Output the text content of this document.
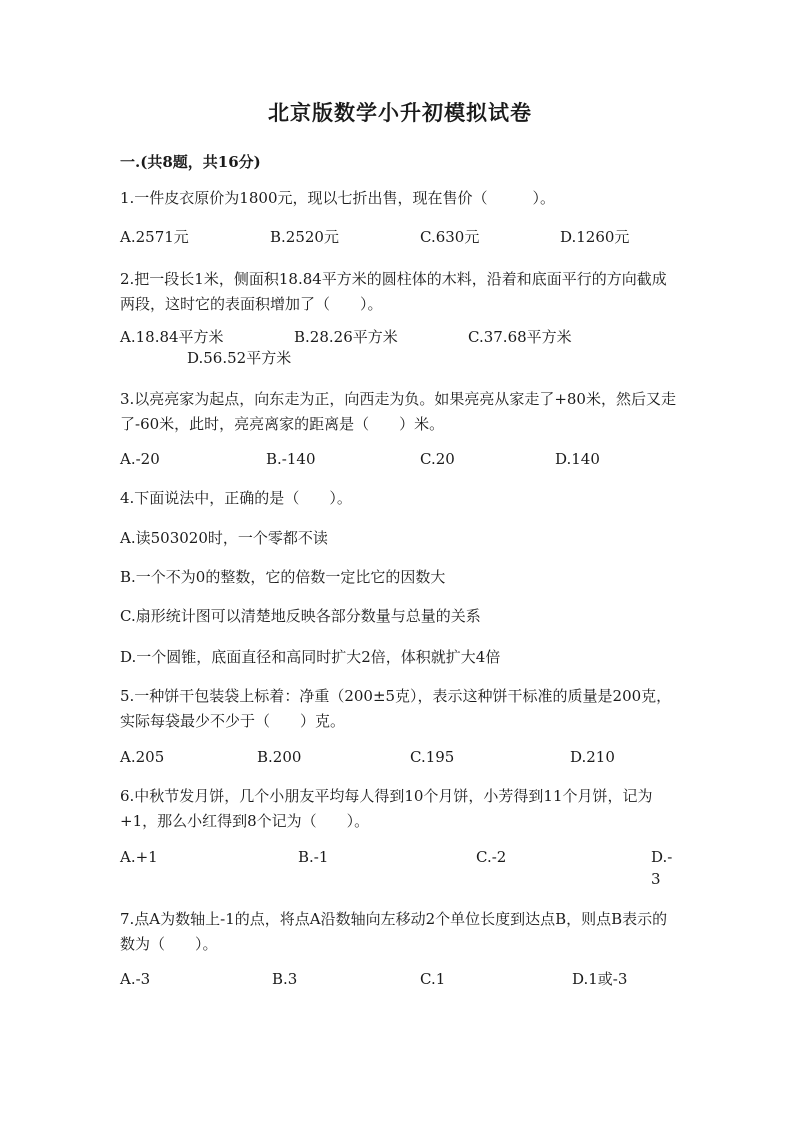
北京版数学小升初模拟试卷
一.(共8题，共16分)
1.一件皮衣原价为1800元，现以七折出售，现在售价（　　　）。
A.2571元	B.2520元	C.630元	D.1260元
2.把一段长1米，侧面积18.84平方米的圆柱体的木料，沿着和底面平行的方向截成两段，这时它的表面积增加了（　　）。
A.18.84平方米	B.28.26平方米	C.37.68平方米
D.56.52平方米
3.以亮亮家为起点，向东走为正，向西走为负。如果亮亮从家走了+80米，然后又走了-60米，此时，亮亮离家的距离是（　　）米。
A.-20	B.-140	C.20	D.140
4.下面说法中，正确的是（　　）。
A.读503020时，一个零都不读
B.一个不为0的整数，它的倍数一定比它的因数大
C.扇形统计图可以清楚地反映各部分数量与总量的关系
D.一个圆锥，底面直径和高同时扩大2倍，体积就扩大4倍
5.一种饼干包装袋上标着：净重（200±5克），表示这种饼干标准的质量是200克，实际每袋最少不少于（　　）克。
A.205	B.200	C.195	D.210
6.中秋节发月饼，几个小朋友平均每人得到10个月饼，小芳得到11个月饼，记为+1，那么小红得到8个记为（　　）。
A.+1	B.-1	C.-2	D.-3
7.点A为数轴上-1的点，将点A沿数轴向左移动2个单位长度到达点B，则点B表示的数为（　　）。
A.-3	B.3	C.1	D.1或-3
